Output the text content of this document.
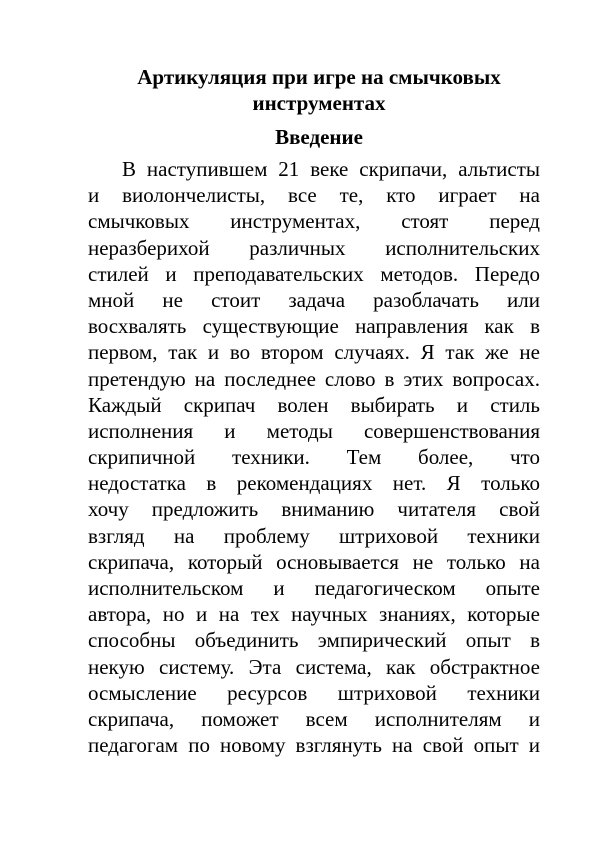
Артикуляция при игре на смычковых
инструментах
Введение
В наступившем 21 веке скрипачи, альтисты
и виолончелисты, все те, кто играет на
смычковых инструментах, стоят перед
неразберихой различных исполнительских
стилей и преподавательских методов. Передо
мной не стоит задача разоблачать или
восхвалять существующие направления как в
первом, так и во втором случаях. Я так же не
претендую на последнее слово в этих вопросах.
Каждый скрипач волен выбирать и стиль
исполнения и методы совершенствования
скрипичной техники. Тем более, что
недостатка в рекомендациях нет. Я только
хочу предложить вниманию читателя свой
взгляд на проблему штриховой техники
скрипача, который основывается не только на
исполнительском и педагогическом опыте
автора, но и на тех научных знаниях, которые
способны объединить эмпирический опыт в
некую систему. Эта система, как обстрактное
осмысление ресурсов штриховой техники
скрипача, поможет всем исполнителям и
педагогам по новому взглянуть на свой опыт и
